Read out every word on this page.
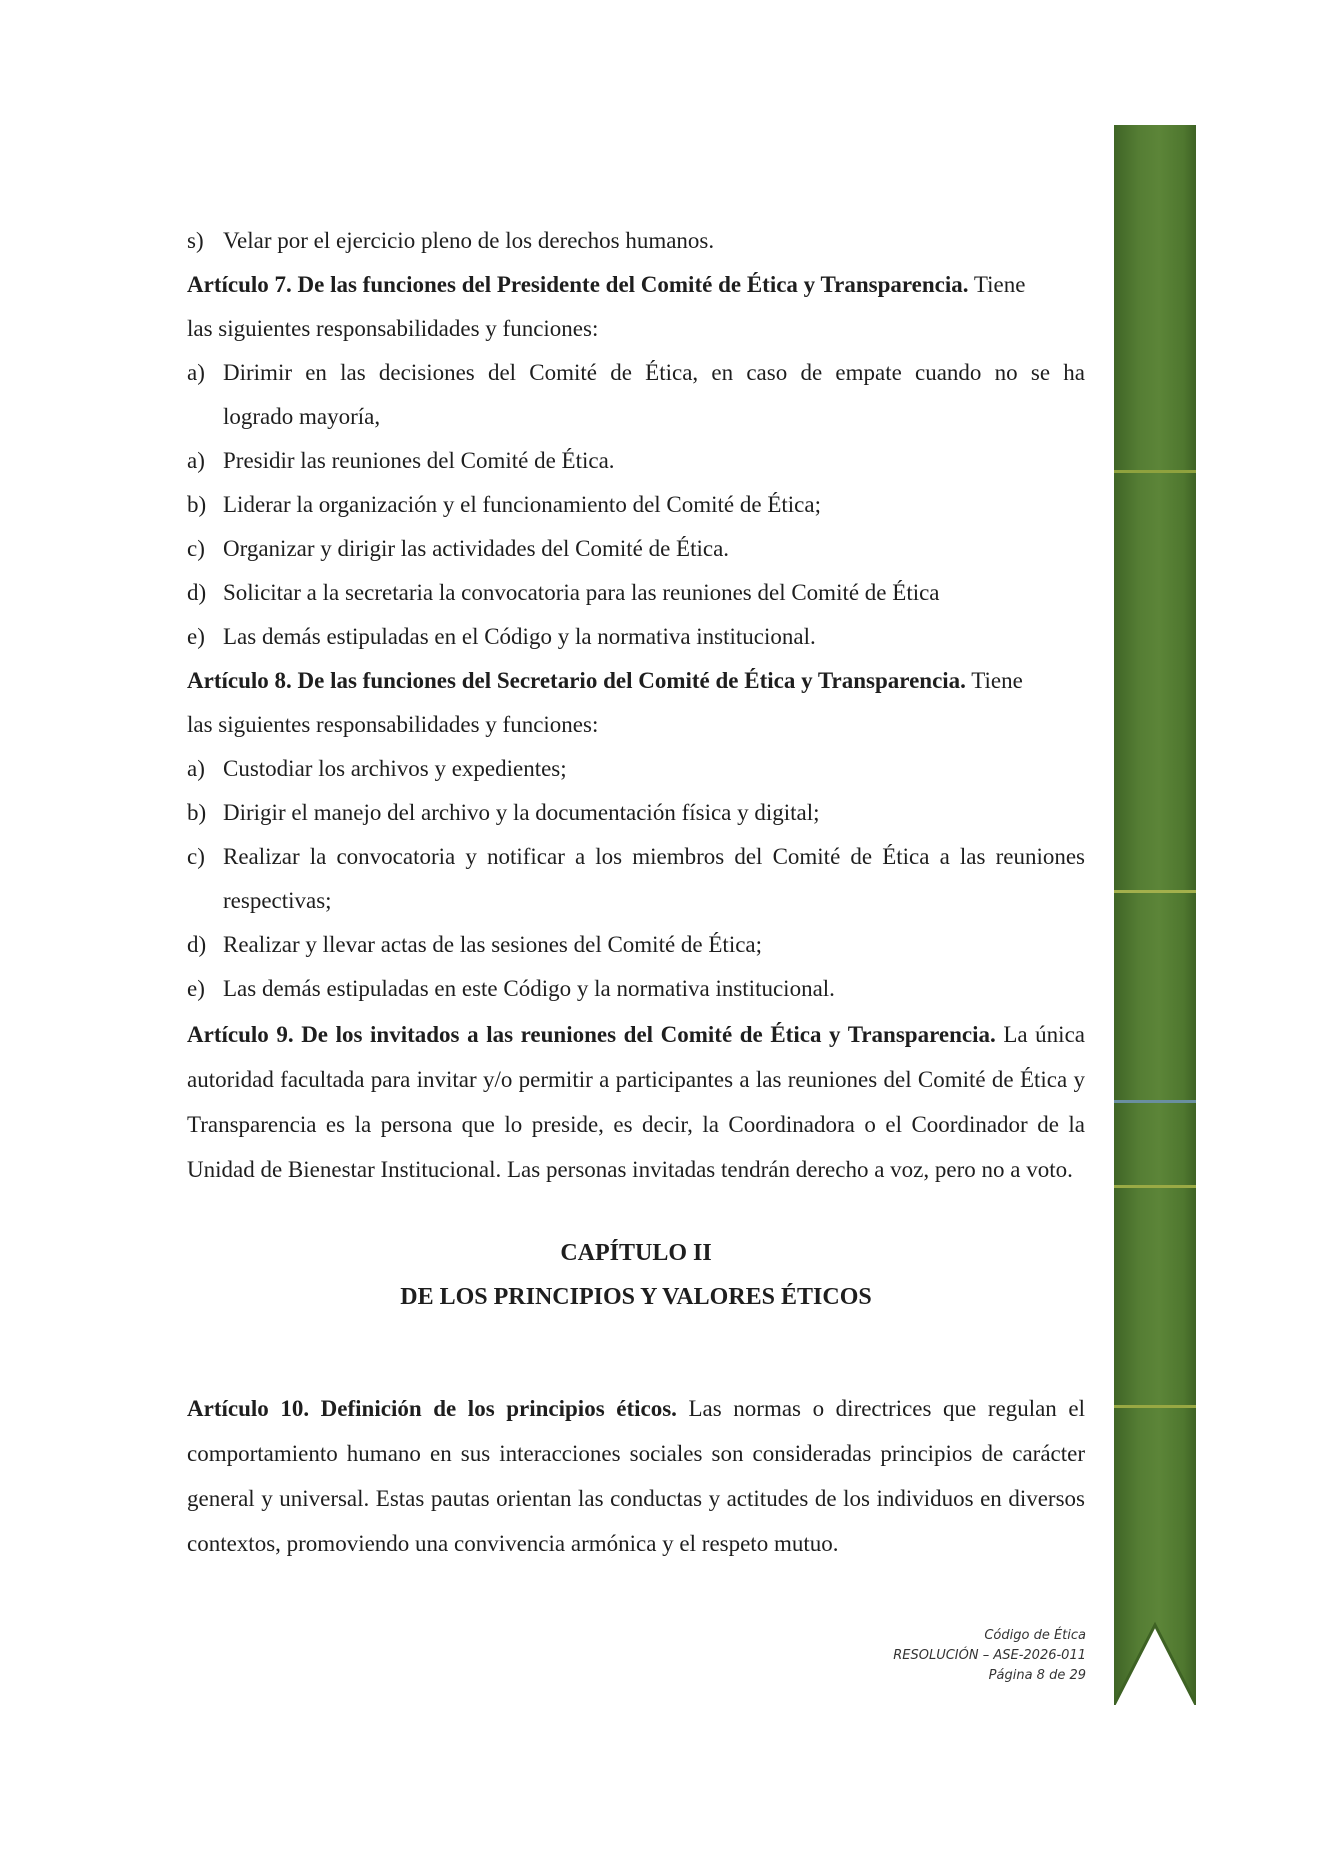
s) Velar por el ejercicio pleno de los derechos humanos.
Artículo 7. De las funciones del Presidente del Comité de Ética y Transparencia. Tiene
las siguientes responsabilidades y funciones:
a) Dirimir en las decisiones del Comité de Ética, en caso de empate cuando no se ha
logrado mayoría,
a) Presidir las reuniones del Comité de Ética.
b) Liderar la organización y el funcionamiento del Comité de Ética;
c) Organizar y dirigir las actividades del Comité de Ética.
d) Solicitar a la secretaria la convocatoria para las reuniones del Comité de Ética
e) Las demás estipuladas en el Código y la normativa institucional.
Artículo 8. De las funciones del Secretario del Comité de Ética y Transparencia. Tiene
las siguientes responsabilidades y funciones:
a) Custodiar los archivos y expedientes;
b) Dirigir el manejo del archivo y la documentación física y digital;
c) Realizar la convocatoria y notificar a los miembros del Comité de Ética a las reuniones
respectivas;
d) Realizar y llevar actas de las sesiones del Comité de Ética;
e) Las demás estipuladas en este Código y la normativa institucional.
Artículo 9. De los invitados a las reuniones del Comité de Ética y Transparencia. La única autoridad facultada para invitar y/o permitir a participantes a las reuniones del Comité de Ética y Transparencia es la persona que lo preside, es decir, la Coordinadora o el Coordinador de la Unidad de Bienestar Institucional. Las personas invitadas tendrán derecho a voz, pero no a voto.
CAPÍTULO II
DE LOS PRINCIPIOS Y VALORES ÉTICOS
Artículo 10. Definición de los principios éticos. Las normas o directrices que regulan el comportamiento humano en sus interacciones sociales son consideradas principios de carácter general y universal. Estas pautas orientan las conductas y actitudes de los individuos en diversos contextos, promoviendo una convivencia armónica y el respeto mutuo.
Código de Ética
RESOLUCIÓN – ASE-2026-011
Página 8 de 29
